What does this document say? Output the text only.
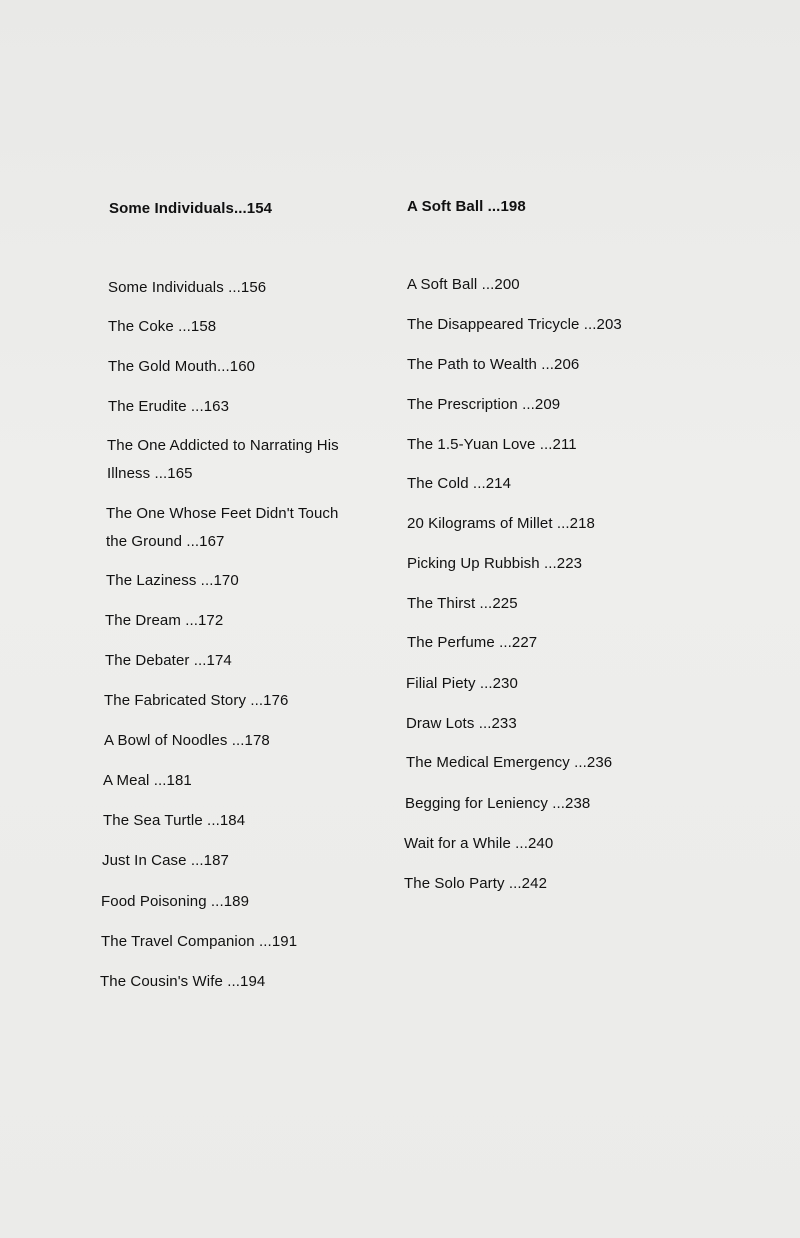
Some Individuals...154
Some Individuals ...156
The Coke ...158
The Gold Mouth...160
The Erudite ...163
The One Addicted to Narrating His
Illness ...165
The One Whose Feet Didn't Touch
the Ground ...167
The Laziness ...170
The Dream ...172
The Debater ...174
The Fabricated Story ...176
A Bowl of Noodles ...178
A Meal ...181
The Sea Turtle ...184
Just In Case ...187
Food Poisoning ...189
The Travel Companion ...191
The Cousin's Wife ...194
A Soft Ball ...198
A Soft Ball ...200
The Disappeared Tricycle ...203
The Path to Wealth ...206
The Prescription ...209
The 1.5-Yuan Love ...211
The Cold ...214
20 Kilograms of Millet ...218
Picking Up Rubbish ...223
The Thirst ...225
The Perfume ...227
Filial Piety ...230
Draw Lots ...233
The Medical Emergency ...236
Begging for Leniency ...238
Wait for a While ...240
The Solo Party ...242
